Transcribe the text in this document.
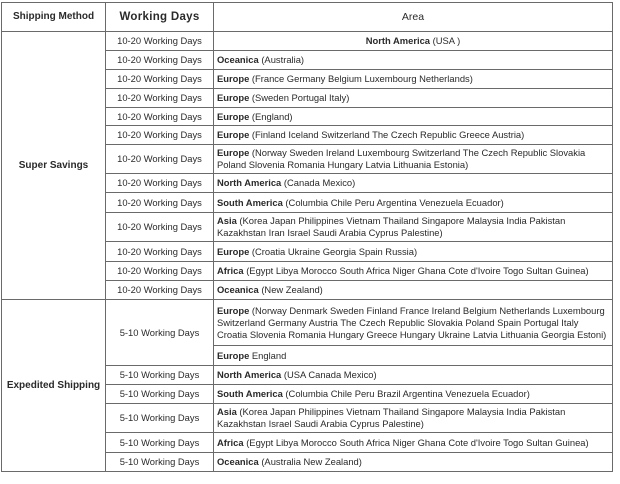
Shipping Method	Working Days	Area
Super Savings	10-20 Working Days	North America (USA )
	10-20 Working Days	Oceanica (Australia)
	10-20 Working Days	Europe (France Germany Belgium Luxembourg Netherlands)
	10-20 Working Days	Europe (Sweden Portugal Italy)
	10-20 Working Days	Europe (England)
	10-20 Working Days	Europe (Finland Iceland Switzerland The Czech Republic Greece Austria)
	10-20 Working Days	Europe (Norway Sweden Ireland Luxembourg Switzerland The Czech Republic Slovakia Poland Slovenia Romania Hungary Latvia Lithuania Estonia)
	10-20 Working Days	North America (Canada Mexico)
	10-20 Working Days	South America (Columbia Chile Peru Argentina Venezuela Ecuador)
	10-20 Working Days	Asia (Korea Japan Philippines Vietnam Thailand Singapore Malaysia India Pakistan Kazakhstan Iran Israel Saudi Arabia Cyprus Palestine)
	10-20 Working Days	Europe (Croatia Ukraine Georgia Spain Russia)
	10-20 Working Days	Africa (Egypt Libya Morocco South Africa Niger Ghana Cote d'Ivoire Togo Sultan Guinea)
	10-20 Working Days	Oceanica (New Zealand)
Expedited Shipping	5-10 Working Days	Europe (Norway Denmark Sweden Finland France Ireland Belgium Netherlands Luxembourg Switzerland Germany Austria The Czech Republic Slovakia Poland Spain Portugal Italy Croatia Slovenia Romania Hungary Greece Hungary Ukraine Latvia Lithuania Georgia Estoni)
		Europe England
	5-10 Working Days	North America (USA Canada Mexico)
	5-10 Working Days	South America (Columbia Chile Peru Brazil Argentina Venezuela Ecuador)
	5-10 Working Days	Asia (Korea Japan Philippines Vietnam Thailand Singapore Malaysia India Pakistan Kazakhstan Israel Saudi Arabia Cyprus Palestine)
	5-10 Working Days	Africa (Egypt Libya Morocco South Africa Niger Ghana Cote d'Ivoire Togo Sultan Guinea)
	5-10 Working Days	Oceanica (Australia New Zealand)
